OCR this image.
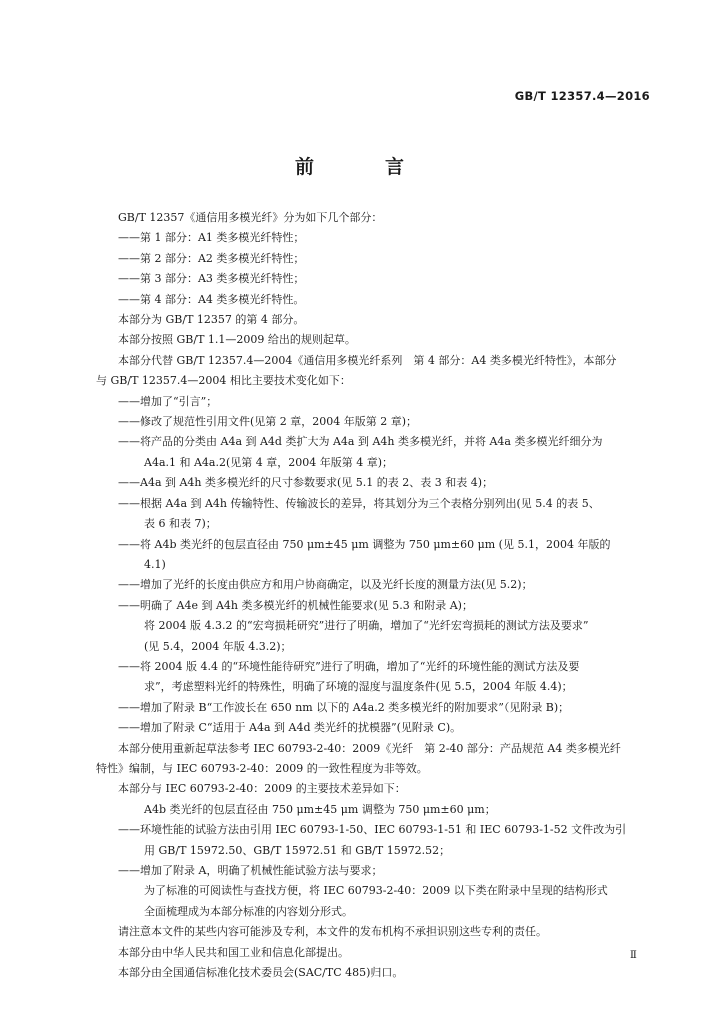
GB/T 12357.4—2016
前　言
GB/T 12357《通信用多模光纤》分为如下几个部分：
——第 1 部分：A1 类多模光纤特性；
——第 2 部分：A2 类多模光纤特性；
——第 3 部分：A3 类多模光纤特性；
——第 4 部分：A4 类多模光纤特性。
本部分为 GB/T 12357 的第 4 部分。
本部分按照 GB/T 1.1—2009 给出的规则起草。
本部分代替 GB/T 12357.4—2004《通信用多模光纤系列　第 4 部分：A4 类多模光纤特性》，本部分
与 GB/T 12357.4—2004 相比主要技术变化如下：
——增加了“引言”；
——修改了规范性引用文件(见第 2 章，2004 年版第 2 章)；
——将产品的分类由 A4a 到 A4d 类扩大为 A4a 到 A4h 类多模光纤，并将 A4a 类多模光纤细分为
A4a.1 和 A4a.2(见第 4 章，2004 年版第 4 章)；
——A4a 到 A4h 类多模光纤的尺寸参数要求(见 5.1 的表 2、表 3 和表 4)；
——根据 A4a 到 A4h 传输特性、传输波长的差异，将其划分为三个表格分别列出(见 5.4 的表 5、
表 6 和表 7)；
——将 A4b 类光纤的包层直径由 750 μm±45 μm 调整为 750 μm±60 μm (见 5.1，2004 年版的
4.1)
——增加了光纤的长度由供应方和用户协商确定，以及光纤长度的测量方法(见 5.2)；
——明确了 A4e 到 A4h 类多模光纤的机械性能要求(见 5.3 和附录 A)；
将 2004 版 4.3.2 的“宏弯损耗研究”进行了明确，增加了“光纤宏弯损耗的测试方法及要求”
(见 5.4，2004 年版 4.3.2)；
——将 2004 版 4.4 的“环境性能待研究”进行了明确，增加了“光纤的环境性能的测试方法及要
求”，考虑塑料光纤的特殊性，明确了环境的湿度与温度条件(见 5.5，2004 年版 4.4)；
——增加了附录 B“工作波长在 650 nm 以下的 A4a.2 类多模光纤的附加要求”（见附录 B)；
——增加了附录 C“适用于 A4a 到 A4d 类光纤的扰模器”(见附录 C)。
本部分使用重新起草法参考 IEC 60793-2-40：2009《光纤　第 2-40 部分：产品规范 A4 类多模光纤
特性》编制，与 IEC 60793-2-40：2009 的一致性程度为非等效。
本部分与 IEC 60793-2-40：2009 的主要技术差异如下：
A4b 类光纤的包层直径由 750 μm±45 μm 调整为 750 μm±60 μm；
——环境性能的试验方法由引用 IEC 60793-1-50、IEC 60793-1-51 和 IEC 60793-1-52 文件改为引
用 GB/T 15972.50、GB/T 15972.51 和 GB/T 15972.52；
——增加了附录 A，明确了机械性能试验方法与要求；
为了标准的可阅读性与查找方便，将 IEC 60793-2-40：2009 以下类在附录中呈现的结构形式
全面梳理成为本部分标准的内容划分形式。
请注意本文件的某些内容可能涉及专利，本文件的发布机构不承担识别这些专利的责任。
本部分由中华人民共和国工业和信息化部提出。
本部分由全国通信标准化技术委员会(SAC/TC 485)归口。
Ⅱ
